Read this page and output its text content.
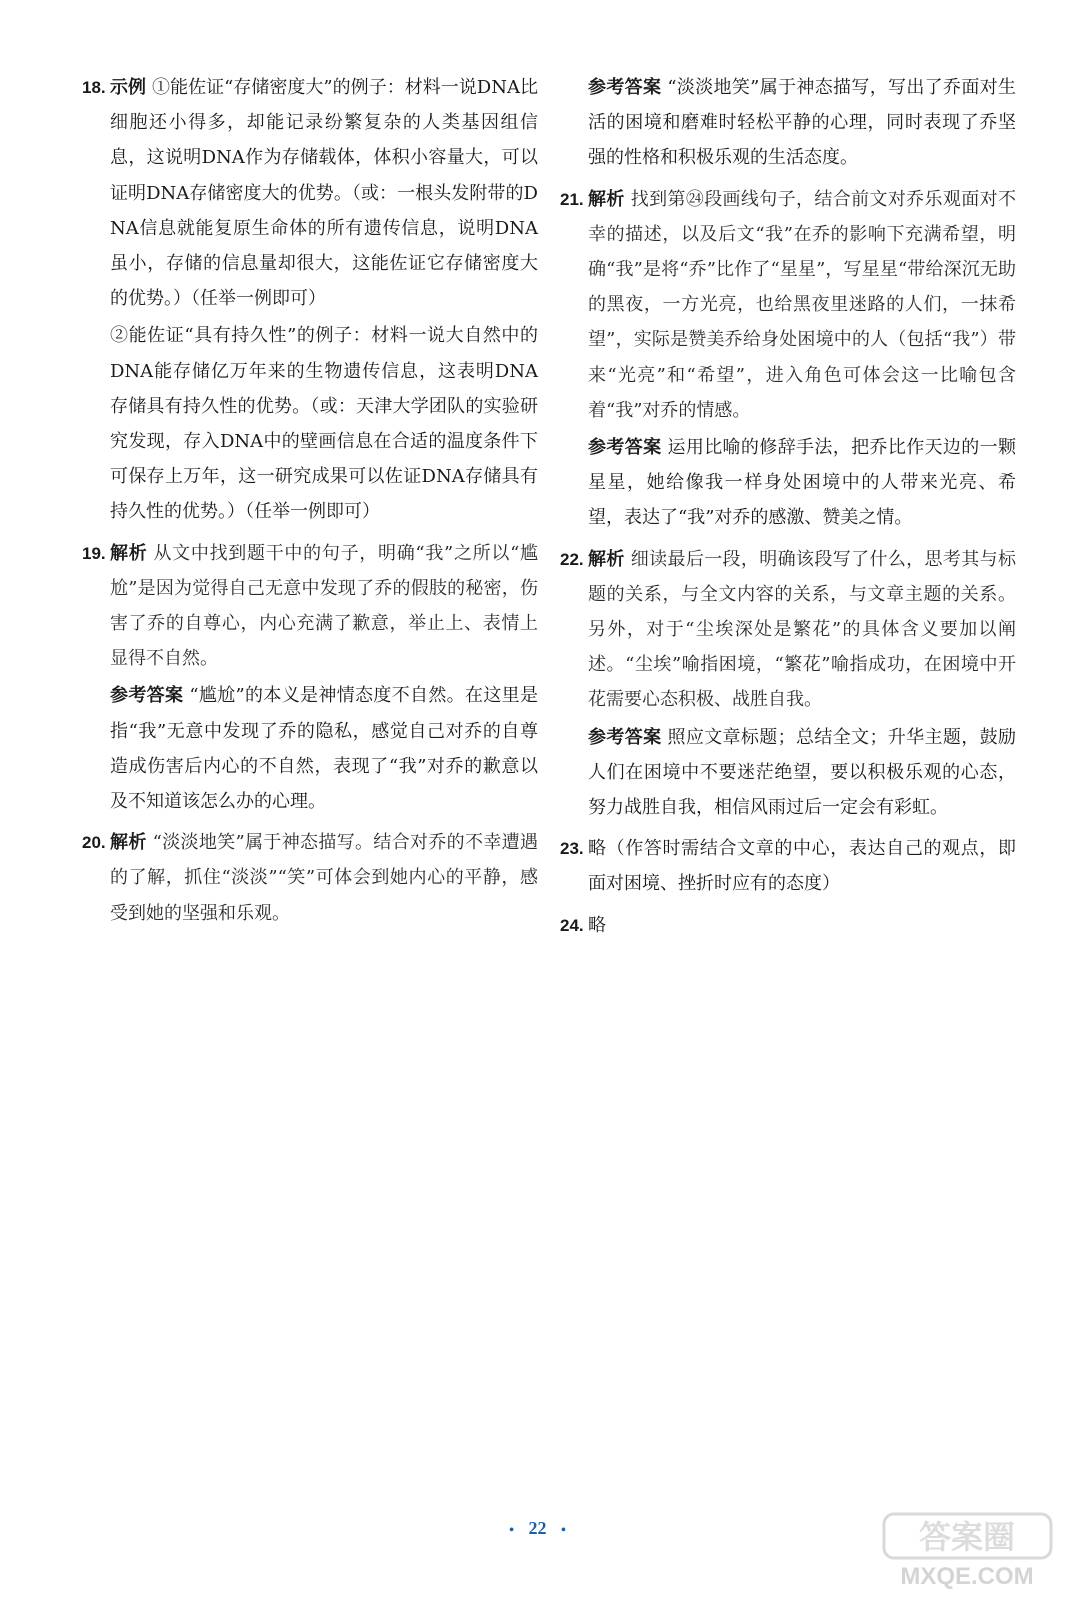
18. 示例 ①能佐证“存储密度大”的例子：材料一说DNA比细胞还小得多，却能记录纷繁复杂的人类基因组信息，这说明DNA作为存储载体，体积小容量大，可以证明DNA存储密度大的优势。（或：一根头发附带的DNA信息就能复原生命体的所有遗传信息，说明DNA虽小，存储的信息量却很大，这能佐证它存储密度大的优势。）（任举一例即可）
②能佐证“具有持久性”的例子：材料一说大自然中的DNA能存储亿万年来的生物遗传信息，这表明DNA存储具有持久性的优势。（或：天津大学团队的实验研究发现，存入DNA中的壁画信息在合适的温度条件下可保存上万年，这一研究成果可以佐证DNA存储具有持久性的优势。）（任举一例即可）
19. 解析 从文中找到题干中的句子，明确“我”之所以“尴尬”是因为觉得自己无意中发现了乔的假肢的秘密，伤害了乔的自尊心，内心充满了歉意，举止上、表情上显得不自然。
参考答案 “尴尬”的本义是神情态度不自然。在这里是指“我”无意中发现了乔的隐私，感觉自己对乔的自尊造成伤害后内心的不自然，表现了“我”对乔的歉意以及不知道该怎么办的心理。
20. 解析 “淡淡地笑”属于神态描写。结合对乔的不幸遭遇的了解，抓住“淡淡”“笑”可体会到她内心的平静，感受到她的坚强和乐观。
参考答案 “淡淡地笑”属于神态描写，写出了乔面对生活的困境和磨难时轻松平静的心理，同时表现了乔坚强的性格和积极乐观的生活态度。
21. 解析 找到第㉔段画线句子，结合前文对乔乐观面对不幸的描述，以及后文“我”在乔的影响下充满希望，明确“我”是将“乔”比作了“星星”，写星星“带给深沉无助的黑夜，一方光亮，也给黑夜里迷路的人们，一抹希望”，实际是赞美乔给身处困境中的人（包括“我”）带来“光亮”和“希望”，进入角色可体会这一比喻包含着“我”对乔的情感。
参考答案 运用比喻的修辞手法，把乔比作天边的一颗星星，她给像我一样身处困境中的人带来光亮、希望，表达了“我”对乔的感激、赞美之情。
22. 解析 细读最后一段，明确该段写了什么，思考其与标题的关系，与全文内容的关系，与文章主题的关系。另外，对于“尘埃深处是繁花”的具体含义要加以阐述。“尘埃”喻指困境，“繁花”喻指成功，在困境中开花需要心态积极、战胜自我。
参考答案 照应文章标题；总结全文；升华主题，鼓励人们在困境中不要迷茫绝望，要以积极乐观的心态，努力战胜自我，相信风雨过后一定会有彩虹。
23. 略（作答时需结合文章的中心，表达自己的观点，即面对困境、挫折时应有的态度）
24. 略
• 22 •	答案圈
MXQE.COM
